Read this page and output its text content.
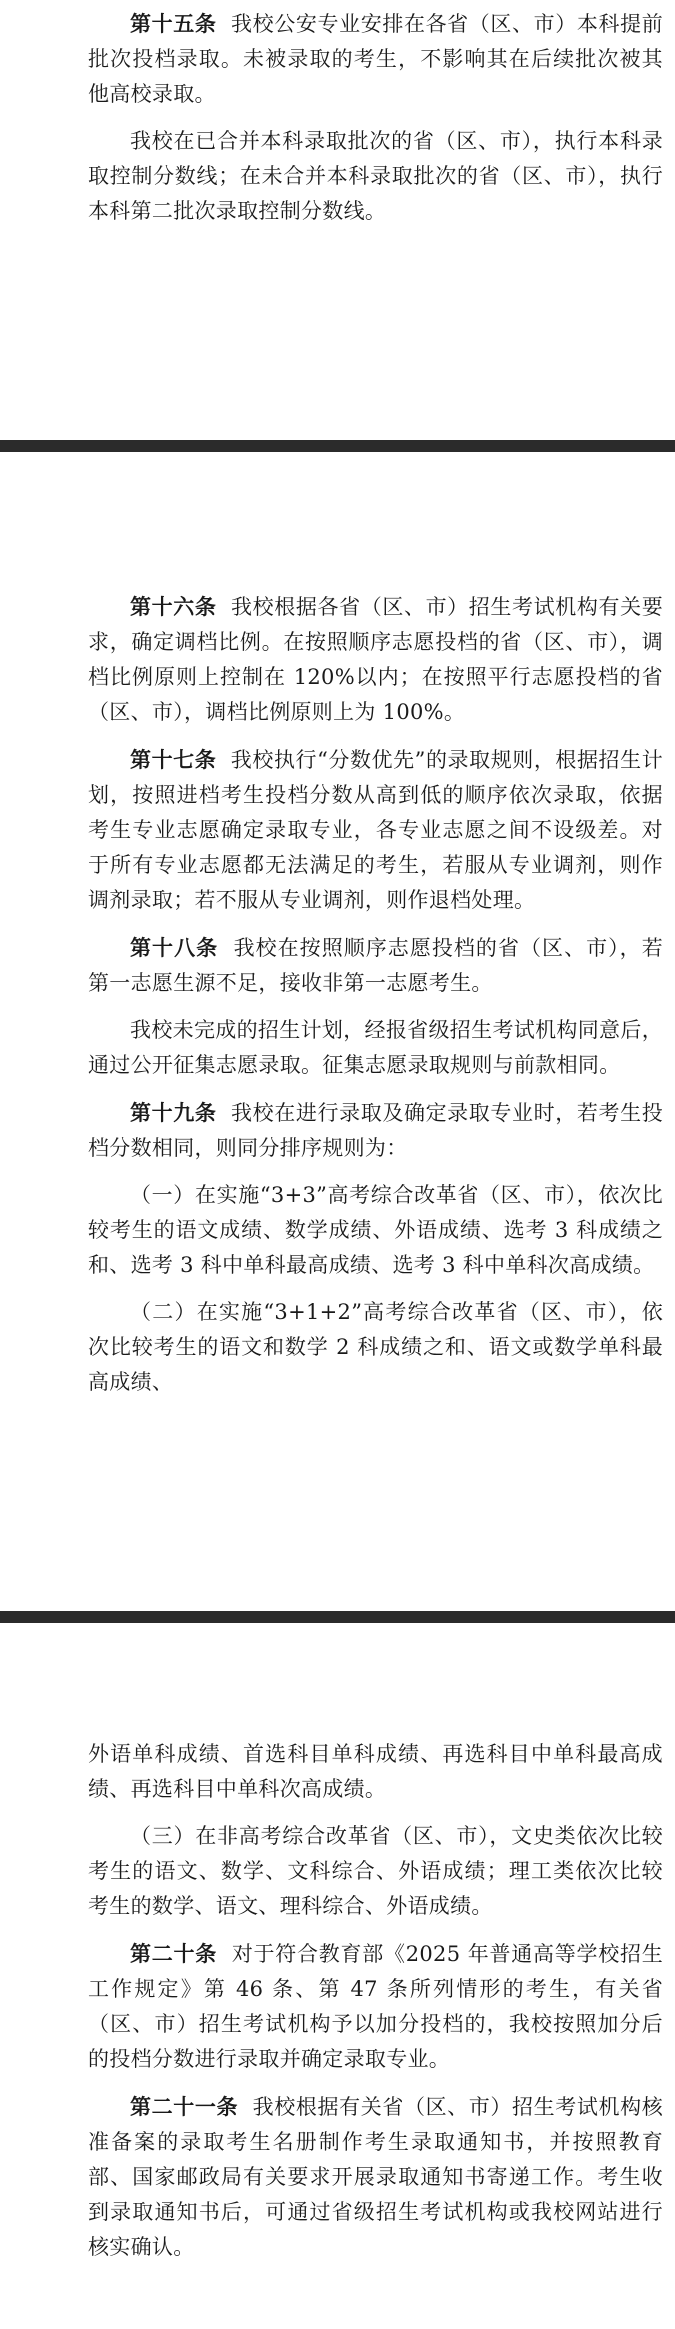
第十五条 我校公安专业安排在各省（区、市）本科提前批次投档录取。未被录取的考生，不影响其在后续批次被其他高校录取。

我校在已合并本科录取批次的省（区、市），执行本科录取控制分数线；在未合并本科录取批次的省（区、市），执行本科第二批次录取控制分数线。

第十六条 我校根据各省（区、市）招生考试机构有关要求，确定调档比例。在按照顺序志愿投档的省（区、市），调档比例原则上控制在 120%以内；在按照平行志愿投档的省（区、市），调档比例原则上为 100%。

第十七条 我校执行“分数优先”的录取规则，根据招生计划，按照进档考生投档分数从高到低的顺序依次录取，依据考生专业志愿确定录取专业，各专业志愿之间不设级差。对于所有专业志愿都无法满足的考生，若服从专业调剂，则作调剂录取；若不服从专业调剂，则作退档处理。

第十八条 我校在按照顺序志愿投档的省（区、市），若第一志愿生源不足，接收非第一志愿考生。

我校未完成的招生计划，经报省级招生考试机构同意后，通过公开征集志愿录取。征集志愿录取规则与前款相同。

第十九条 我校在进行录取及确定录取专业时，若考生投档分数相同，则同分排序规则为：

（一）在实施“3+3”高考综合改革省（区、市），依次比较考生的语文成绩、数学成绩、外语成绩、选考 3 科成绩之和、选考 3 科中单科最高成绩、选考 3 科中单科次高成绩。

（二）在实施“3+1+2”高考综合改革省（区、市），依次比较考生的语文和数学 2 科成绩之和、语文或数学单科最高成绩、

外语单科成绩、首选科目单科成绩、再选科目中单科最高成绩、再选科目中单科次高成绩。

（三）在非高考综合改革省（区、市），文史类依次比较考生的语文、数学、文科综合、外语成绩；理工类依次比较考生的数学、语文、理科综合、外语成绩。

第二十条 对于符合教育部《2025 年普通高等学校招生工作规定》第 46 条、第 47 条所列情形的考生，有关省（区、市）招生考试机构予以加分投档的，我校按照加分后的投档分数进行录取并确定录取专业。

第二十一条 我校根据有关省（区、市）招生考试机构核准备案的录取考生名册制作考生录取通知书，并按照教育部、国家邮政局有关要求开展录取通知书寄递工作。考生收到录取通知书后，可通过省级招生考试机构或我校网站进行核实确认。
